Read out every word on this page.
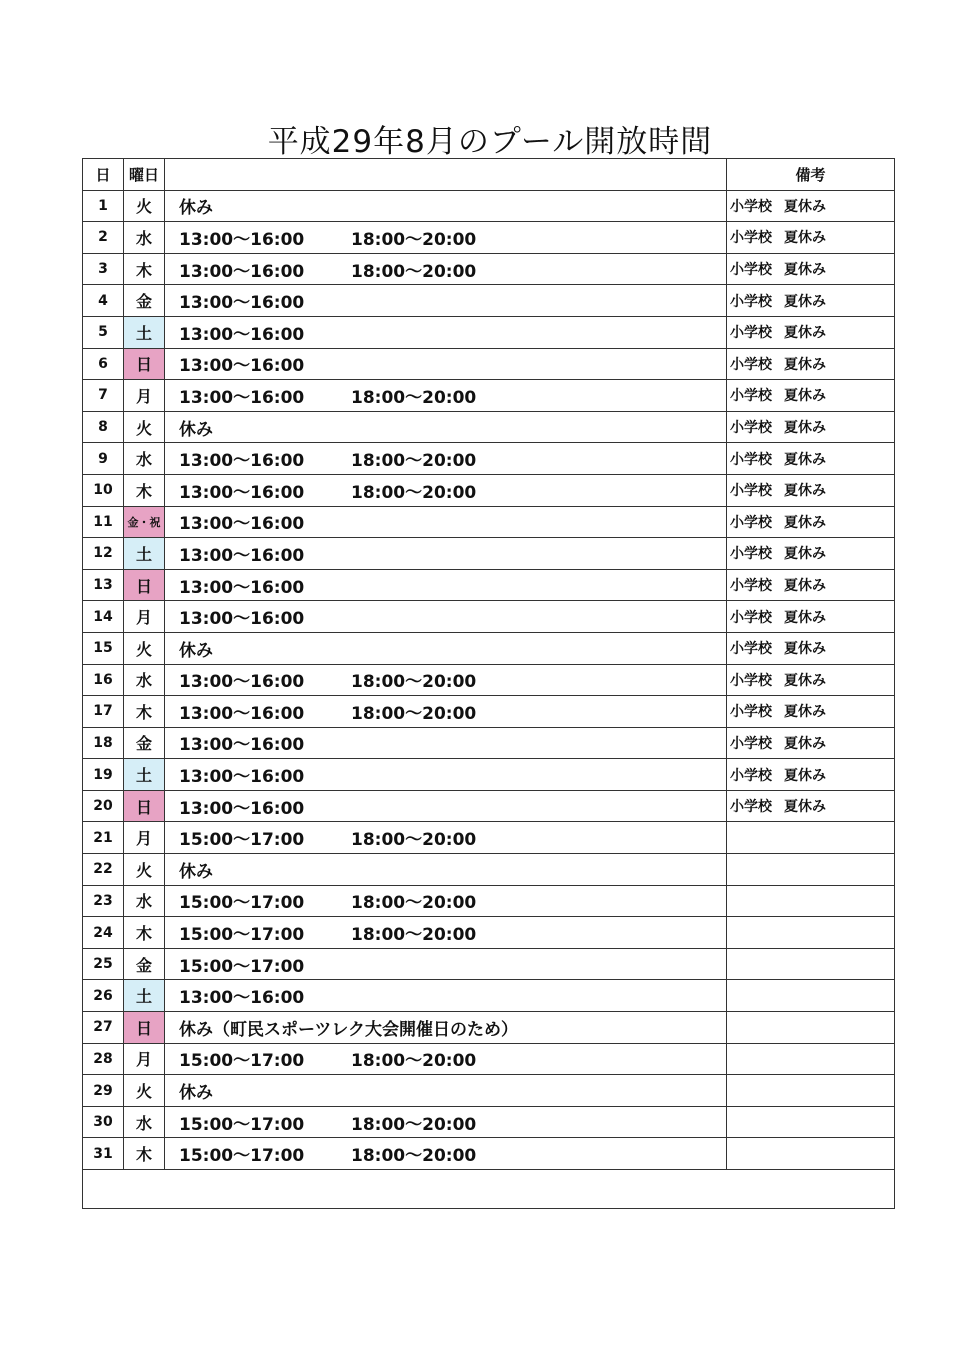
平成29年8月のプール開放時間
日	曜日		備考
1	火	休み	小学校 夏休み
2	水	13:00〜16:00 18:00〜20:00	小学校 夏休み
3	木	13:00〜16:00 18:00〜20:00	小学校 夏休み
4	金	13:00〜16:00	小学校 夏休み
5	土	13:00〜16:00	小学校 夏休み
6	日	13:00〜16:00	小学校 夏休み
7	月	13:00〜16:00 18:00〜20:00	小学校 夏休み
8	火	休み	小学校 夏休み
9	水	13:00〜16:00 18:00〜20:00	小学校 夏休み
10	木	13:00〜16:00 18:00〜20:00	小学校 夏休み
11	金・祝	13:00〜16:00	小学校 夏休み
12	土	13:00〜16:00	小学校 夏休み
13	日	13:00〜16:00	小学校 夏休み
14	月	13:00〜16:00	小学校 夏休み
15	火	休み	小学校 夏休み
16	水	13:00〜16:00 18:00〜20:00	小学校 夏休み
17	木	13:00〜16:00 18:00〜20:00	小学校 夏休み
18	金	13:00〜16:00	小学校 夏休み
19	土	13:00〜16:00	小学校 夏休み
20	日	13:00〜16:00	小学校 夏休み
21	月	15:00〜17:00 18:00〜20:00	
22	火	休み	
23	水	15:00〜17:00 18:00〜20:00	
24	木	15:00〜17:00 18:00〜20:00	
25	金	15:00〜17:00	
26	土	13:00〜16:00	
27	日	休み（町民スポーツレク大会開催日のため）	
28	月	15:00〜17:00 18:00〜20:00	
29	火	休み	
30	水	15:00〜17:00 18:00〜20:00	
31	木	15:00〜17:00 18:00〜20:00	
